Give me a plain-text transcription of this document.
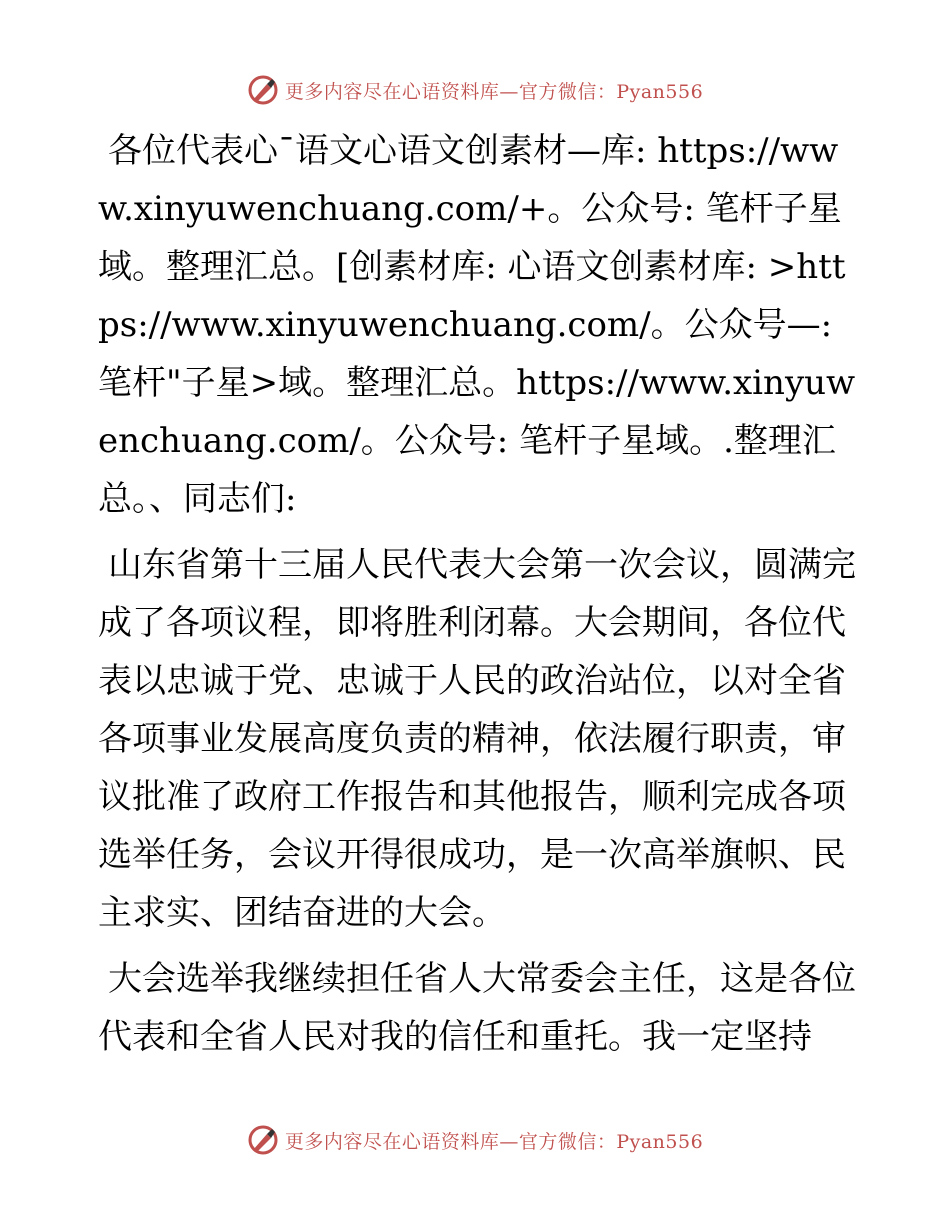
更多内容尽在心语资料库—官方微信：Pyan556

各位代表心¯语文心语文创素材—库: https://www.xinyuwenchuang.com/+。公众号: 笔杆子星域。整理汇总。[创素材库: 心语文创素材库: >https://www.xinyuwenchuang.com/。公众号—: 笔杆"子星>域。整理汇总。https://www.xinyuwenchuang.com/。公众号: 笔杆子星域。.整理汇总。、同志们:

山东省第十三届人民代表大会第一次会议，圆满完成了各项议程，即将胜利闭幕。大会期间，各位代表以忠诚于党、忠诚于人民的政治站位，以对全省各项事业发展高度负责的精神，依法履行职责，审议批准了政府工作报告和其他报告，顺利完成各项选举任务，会议开得很成功，是一次高举旗帜、民主求实、团结奋进的大会。

大会选举我继续担任省人大常委会主任，这是各位代表和全省人民对我的信任和重托。我一定坚持

更多内容尽在心语资料库—官方微信：Pyan556
